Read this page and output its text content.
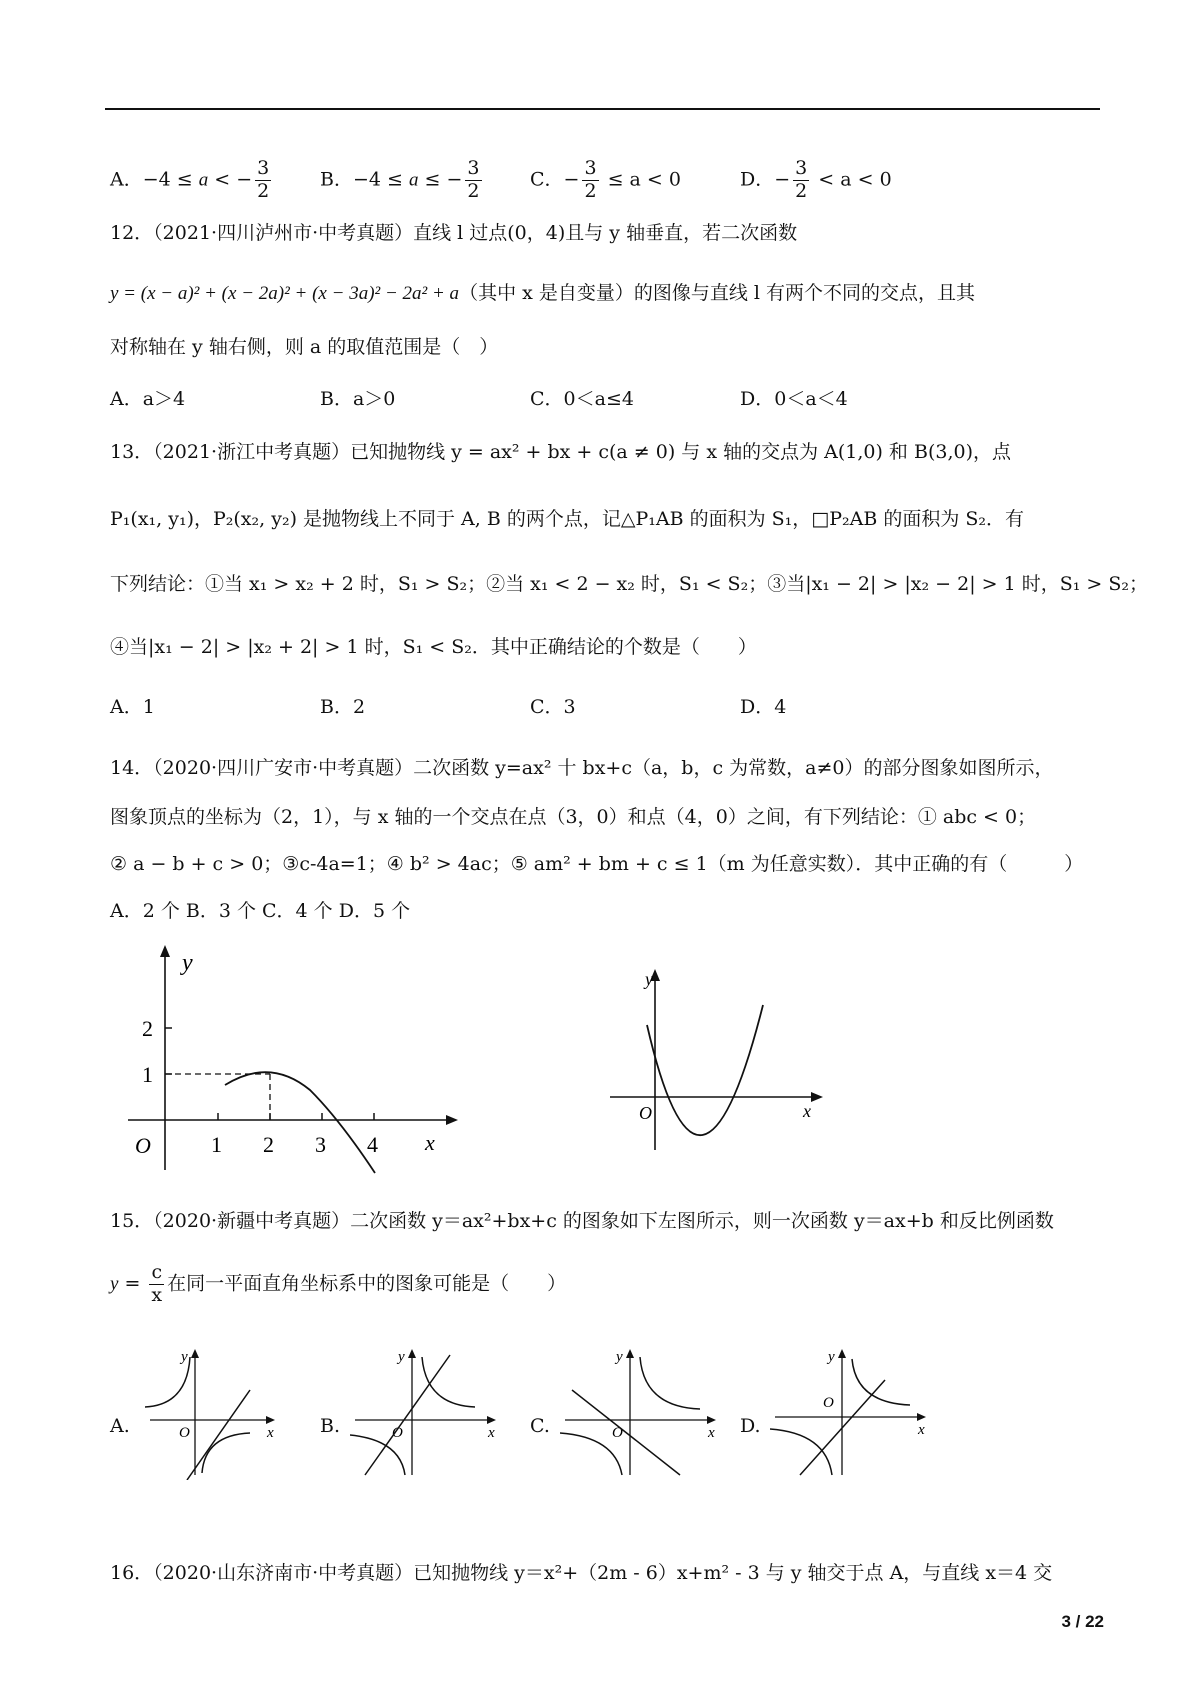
A．−4 ≤ a < − $\frac{3}{2}$	B．−4 ≤ a ≤ − $\frac{3}{2}$	C．− $\frac{3}{2} \le a < 0$	D．− $\frac{3}{2} < a < 0$
12．（2021·四川泸州市·中考真题）直线 l 过点(0，4)且与 y 轴垂直，若二次函数
y = (x − a)² + (x − 2a)² + (x − 3a)² − 2a² + a（其中 x 是自变量）的图像与直线 l 有两个不同的交点，且其
对称轴在 y 轴右侧，则 a 的取值范围是（　）
A．a＞4	B．a＞0	C．0＜a≤4	D．0＜a＜4
13．（2021·浙江中考真题）已知抛物线 y = ax² + bx + c(a ≠ 0) 与 x 轴的交点为 A(1,0) 和 B(3,0)，点
P₁(x₁, y₁)，P₂(x₂, y₂) 是抛物线上不同于 A, B 的两个点，记△P₁AB 的面积为 S₁，□P₂AB 的面积为 S₂．有
下列结论：①当 x₁ > x₂ + 2 时，S₁ > S₂；②当 x₁ < 2 − x₂ 时，S₁ < S₂；③当|x₁ − 2| > |x₂ − 2| > 1 时，S₁ > S₂；
④当|x₁ − 2| > |x₂ + 2| > 1 时，S₁ < S₂．其中正确结论的个数是（　　）
A．1	B．2	C．3	D．4
14．（2020·四川广安市·中考真题）二次函数 y=ax² 十 bx+c（a，b，c 为常数，a≠0）的部分图象如图所示，
图象顶点的坐标为（2，1），与 x 轴的一个交点在点（3，0）和点（4，0）之间，有下列结论：① abc < 0；
② a − b + c > 0；③c-4a=1；④ b² > 4ac；⑤ am² + bm + c ≤ 1（m 为任意实数）．其中正确的有（　　　）
A．2 个 B．3 个 C．4 个 D．5 个
y
x
O	1 2 3 4
1
2
y
x
O
15．（2020·新疆中考真题）二次函数 y＝ax²+bx+c 的图象如下左图所示，则一次函数 y＝ax+b 和反比例函数
$y = \frac{c}{x}$ 在同一平面直角坐标系中的图象可能是（　　）
A.	B.	C.	D.
y
x
O
y
x
O
y
x
O
y
x
O
16．（2020·山东济南市·中考真题）已知抛物线 y＝x²+（2m - 6）x+m² - 3 与 y 轴交于点 A，与直线 x＝4 交
3 / 22
